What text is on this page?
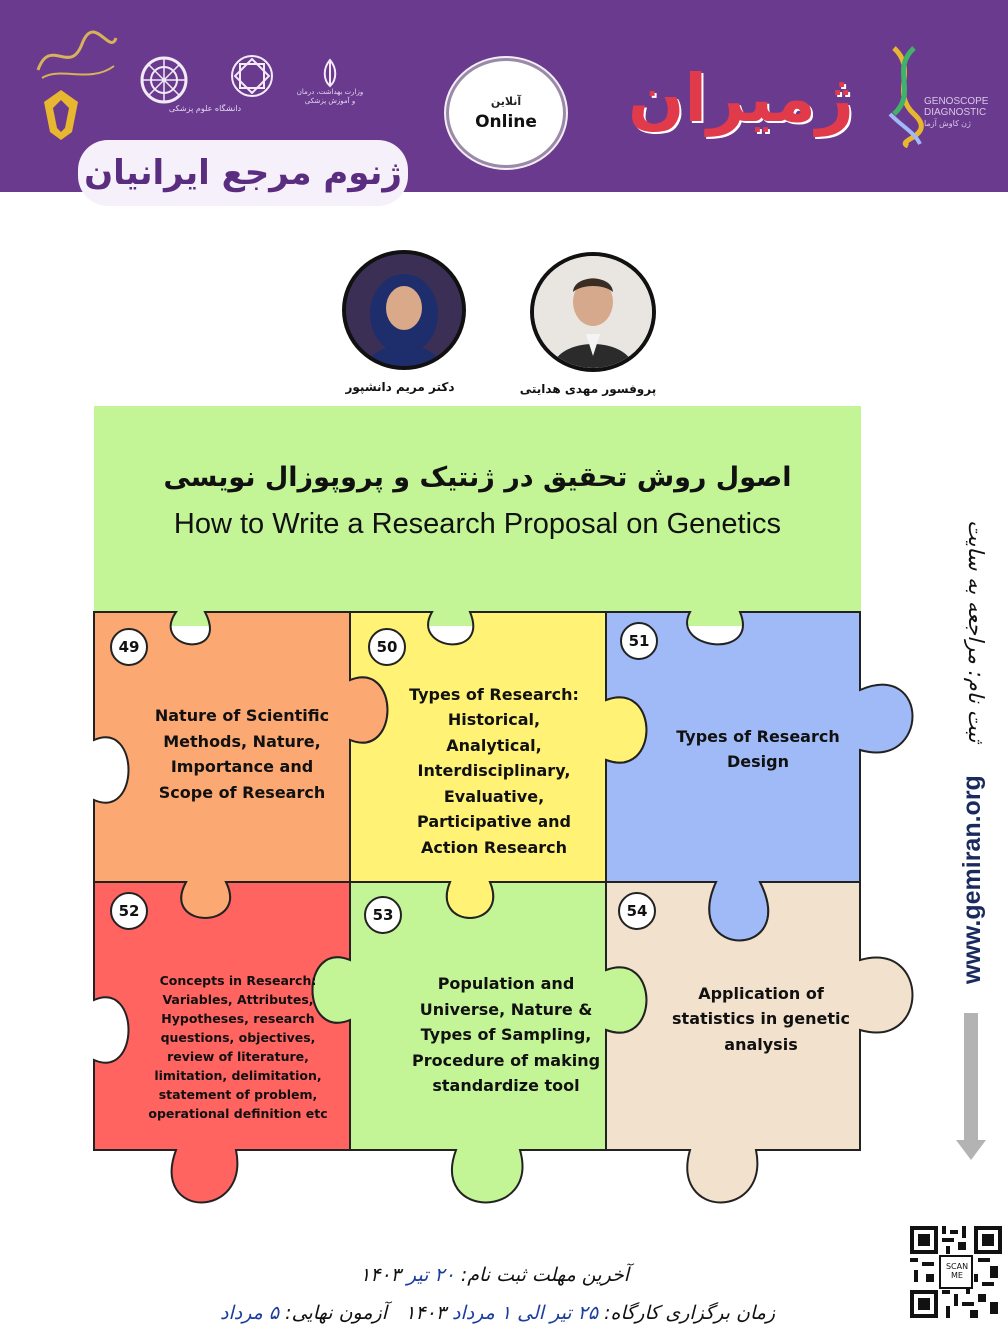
وزارت بهداشت، درمان و آموزش پزشکی
دانشگاه علوم پزشکی
آنلاین
Online ژمیران	GENOSCOPE
DIAGNOSTIC
ژن کاوش آزما
ژنوم مرجع ایرانیان
دکتر مریم دانشپور	پروفسور مهدی هدایتی
اصول روش تحقیق در ژنتیک و پروپوزال نویسی
How to Write a Research Proposal on Genetics
49	50	51
52	53	54
Nature of Scientific
Methods, Nature,
Importance and
Scope of Research
Types of Research:
Historical,
Analytical,
Interdisciplinary,
Evaluative,
Participative and
Action Research
Types of Research
Design
Concepts in Research:
Variables, Attributes,
Hypotheses, research
questions, objectives,
review of literature,
limitation, delimitation,
statement of problem,
operational definition etc
Population and
Universe, Nature &
Types of Sampling,
Procedure of making
standardize tool
Application of
statistics in genetic
analysis
ثبت نام: مراجعه به سایت
www.gemiran.org
SCAN ME
آخرین مهلت ثبت نام: ۲۰ تیر ۱۴۰۳
زمان برگزاری کارگاه: ۲۵ تیر الی ۱ مرداد ۱۴۰۳   آزمون نهایی: ۵ مرداد
